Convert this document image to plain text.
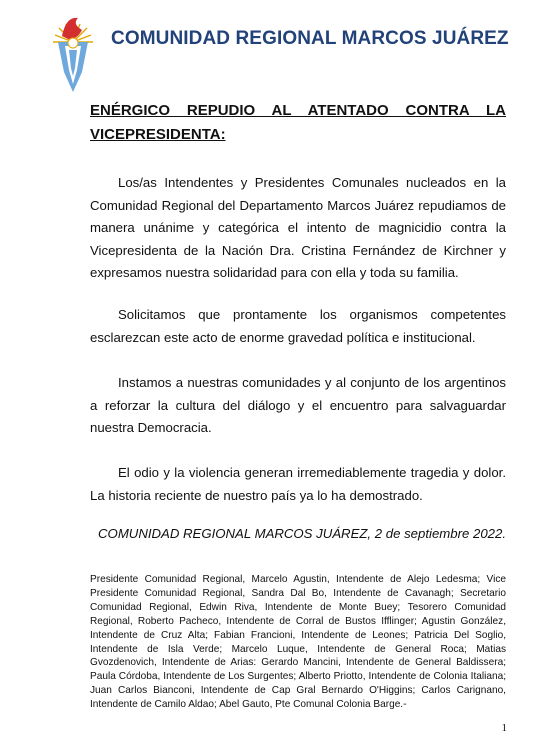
COMUNIDAD REGIONAL MARCOS JUÁREZ
ENÉRGICO REPUDIO AL ATENTADO CONTRA LA
VICEPRESIDENTA:

Los/as Intendentes y Presidentes Comunales nucleados en la Comunidad Regional del Departamento Marcos Juárez repudiamos de manera unánime y categórica el intento de magnicidio contra la Vicepresidenta de la Nación Dra. Cristina Fernández de Kirchner y expresamos nuestra solidaridad para con ella y toda su familia.

Solicitamos que prontamente los organismos competentes esclarezcan este acto de enorme gravedad política e institucional.

Instamos a nuestras comunidades y al conjunto de los argentinos a reforzar la cultura del diálogo y el encuentro para salvaguardar nuestra Democracia.

El odio y la violencia generan irremediablemente tragedia y dolor. La historia reciente de nuestro país ya lo ha demostrado.

COMUNIDAD REGIONAL MARCOS JUÁREZ, 2 de septiembre 2022.

Presidente Comunidad Regional, Marcelo Agustin, Intendente de Alejo Ledesma; Vice Presidente Comunidad Regional, Sandra Dal Bo, Intendente de Cavanagh; Secretario Comunidad Regional, Edwin Riva, Intendente de Monte Buey; Tesorero Comunidad Regional, Roberto Pacheco, Intendente de Corral de Bustos Ifflinger; Agustin González, Intendente de Cruz Alta; Fabian Francioni, Intendente de Leones; Patricia Del Soglio, Intendente de Isla Verde; Marcelo Luque, Intendente de General Roca; Matias Gvozdenovich, Intendente de Arias: Gerardo Mancini, Intendente de General Baldissera; Paula Córdoba, Intendente de Los Surgentes; Alberto Priotto, Intendente de Colonia Italiana; Juan Carlos Bianconi, Intendente de Cap Gral Bernardo O'Higgins; Carlos Carignano, Intendente de Camilo Aldao; Abel Gauto, Pte Comunal Colonia Barge.-

1
